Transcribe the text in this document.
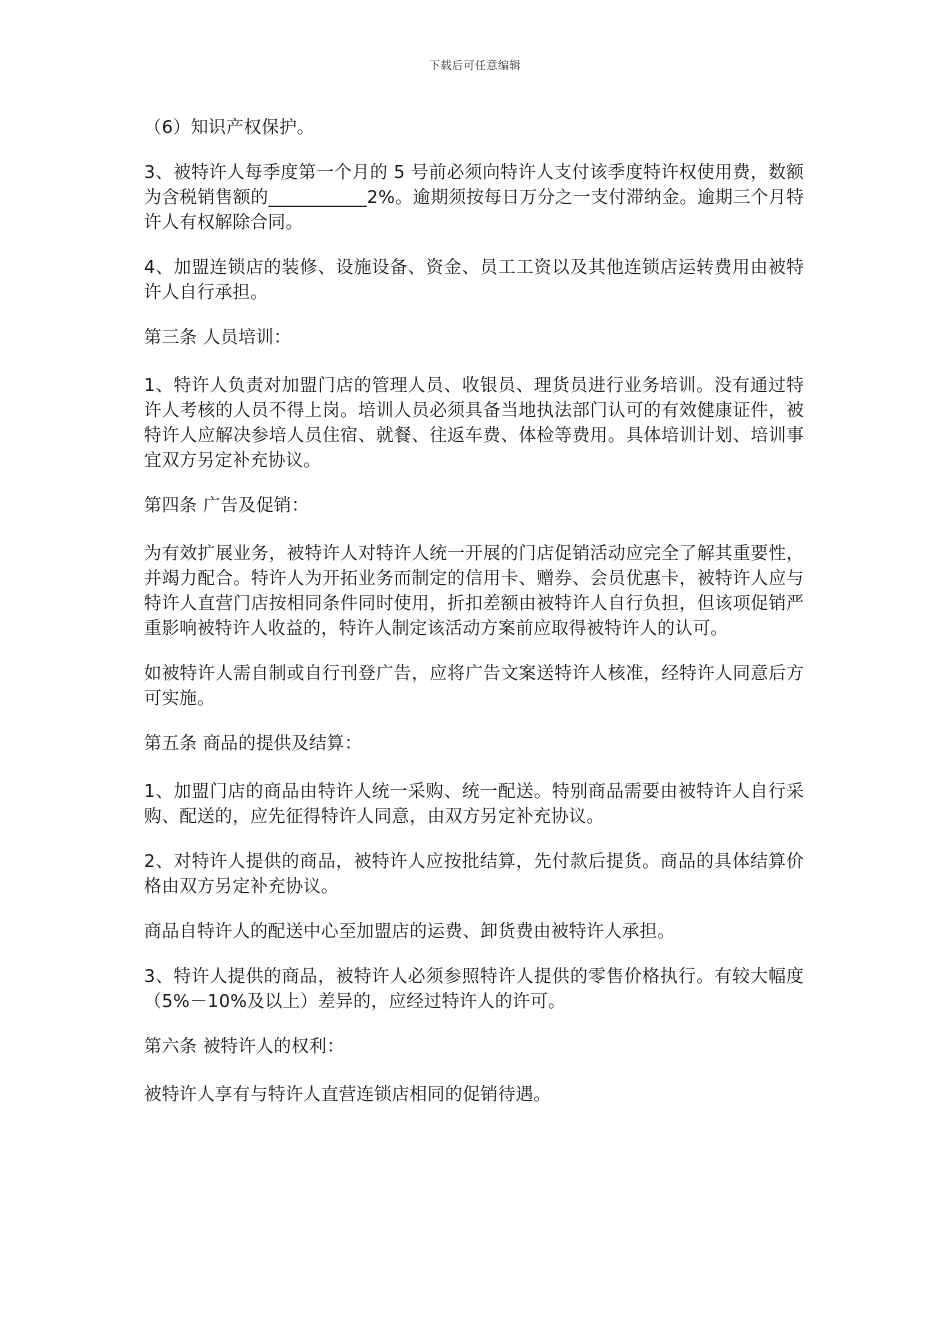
下载后可任意编辑

（6）知识产权保护。

3、被特许人每季度第一个月的 5 号前必须向特许人支付该季度特许权使用费，数额为含税销售额的___________2%。逾期须按每日万分之一支付滞纳金。逾期三个月特许人有权解除合同。

4、加盟连锁店的装修、设施设备、资金、员工工资以及其他连锁店运转费用由被特许人自行承担。

第三条 人员培训：

1、特许人负责对加盟门店的管理人员、收银员、理货员进行业务培训。没有通过特许人考核的人员不得上岗。培训人员必须具备当地执法部门认可的有效健康证件，被特许人应解决参培人员住宿、就餐、往返车费、体检等费用。具体培训计划、培训事宜双方另定补充协议。

第四条 广告及促销：

为有效扩展业务，被特许人对特许人统一开展的门店促销活动应完全了解其重要性，并竭力配合。特许人为开拓业务而制定的信用卡、赠券、会员优惠卡，被特许人应与特许人直营门店按相同条件同时使用，折扣差额由被特许人自行负担，但该项促销严重影响被特许人收益的，特许人制定该活动方案前应取得被特许人的认可。

如被特许人需自制或自行刊登广告，应将广告文案送特许人核准，经特许人同意后方可实施。

第五条 商品的提供及结算：

1、加盟门店的商品由特许人统一采购、统一配送。特别商品需要由被特许人自行采购、配送的，应先征得特许人同意，由双方另定补充协议。

2、对特许人提供的商品，被特许人应按批结算，先付款后提货。商品的具体结算价格由双方另定补充协议。

商品自特许人的配送中心至加盟店的运费、卸货费由被特许人承担。

3、特许人提供的商品，被特许人必须参照特许人提供的零售价格执行。有较大幅度（5%－10%及以上）差异的，应经过特许人的许可。

第六条 被特许人的权利：

被特许人享有与特许人直营连锁店相同的促销待遇。
